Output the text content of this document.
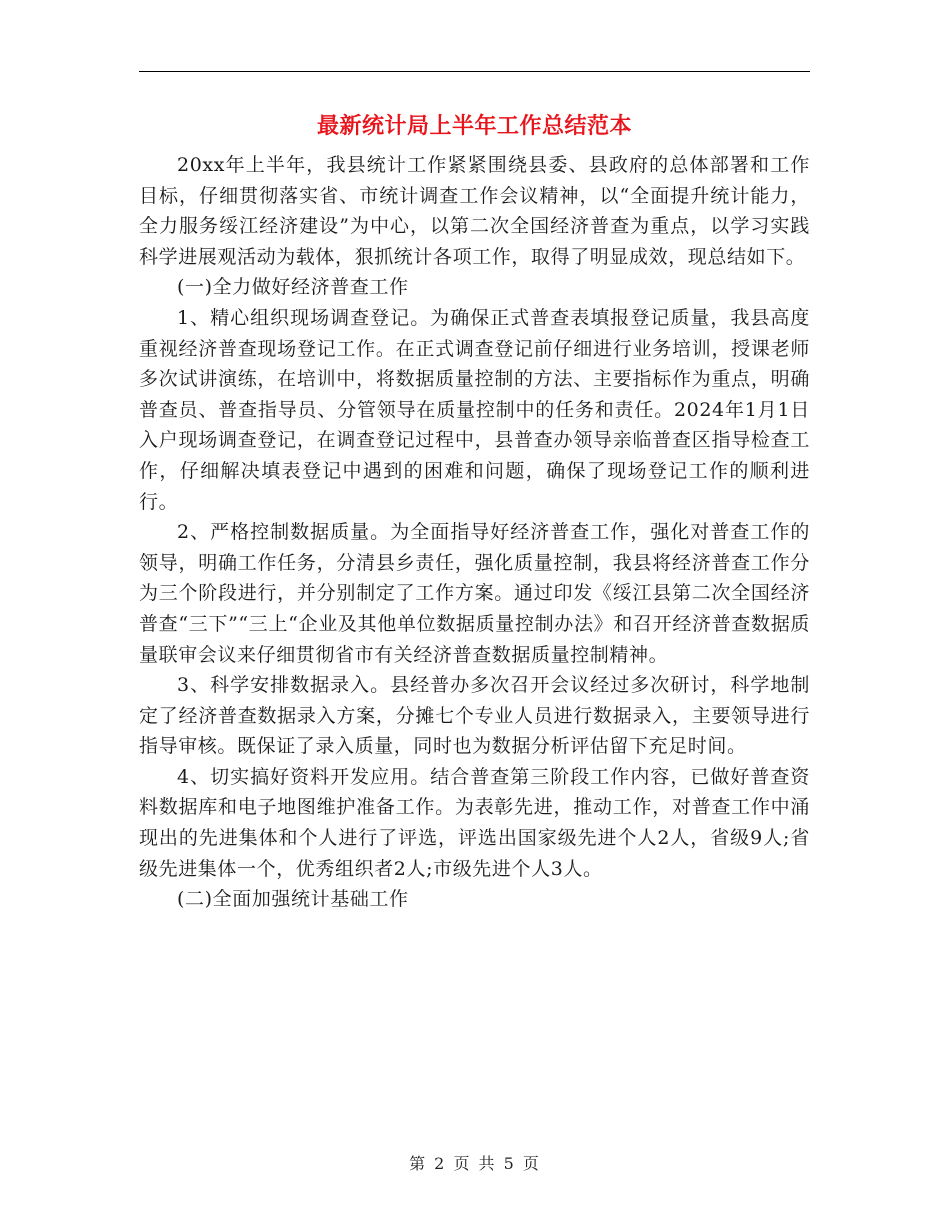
最新统计局上半年工作总结范本

20xx年上半年，我县统计工作紧紧围绕县委、县政府的总体部署和工作目标，仔细贯彻落实省、市统计调查工作会议精神，以“全面提升统计能力，全力服务绥江经济建设”为中心，以第二次全国经济普查为重点，以学习实践科学进展观活动为载体，狠抓统计各项工作，取得了明显成效，现总结如下。

(一)全力做好经济普查工作

1、精心组织现场调查登记。为确保正式普查表填报登记质量，我县高度重视经济普查现场登记工作。在正式调查登记前仔细进行业务培训，授课老师多次试讲演练，在培训中，将数据质量控制的方法、主要指标作为重点，明确普查员、普查指导员、分管领导在质量控制中的任务和责任。2024年1月1日入户现场调查登记，在调查登记过程中，县普查办领导亲临普查区指导检查工作，仔细解决填表登记中遇到的困难和问题，确保了现场登记工作的顺利进行。

2、严格控制数据质量。为全面指导好经济普查工作，强化对普查工作的领导，明确工作任务，分清县乡责任，强化质量控制，我县将经济普查工作分为三个阶段进行，并分别制定了工作方案。通过印发《绥江县第二次全国经济普查“三下”“三上“企业及其他单位数据质量控制办法》和召开经济普查数据质量联审会议来仔细贯彻省市有关经济普查数据质量控制精神。

3、科学安排数据录入。县经普办多次召开会议经过多次研讨，科学地制定了经济普查数据录入方案，分摊七个专业人员进行数据录入，主要领导进行指导审核。既保证了录入质量，同时也为数据分析评估留下充足时间。

4、切实搞好资料开发应用。结合普查第三阶段工作内容，已做好普查资料数据库和电子地图维护准备工作。为表彰先进，推动工作，对普查工作中涌现出的先进集体和个人进行了评选，评选出国家级先进个人2人，省级9人;省级先进集体一个，优秀组织者2人;市级先进个人3人。

(二)全面加强统计基础工作

第 2 页 共 5 页
